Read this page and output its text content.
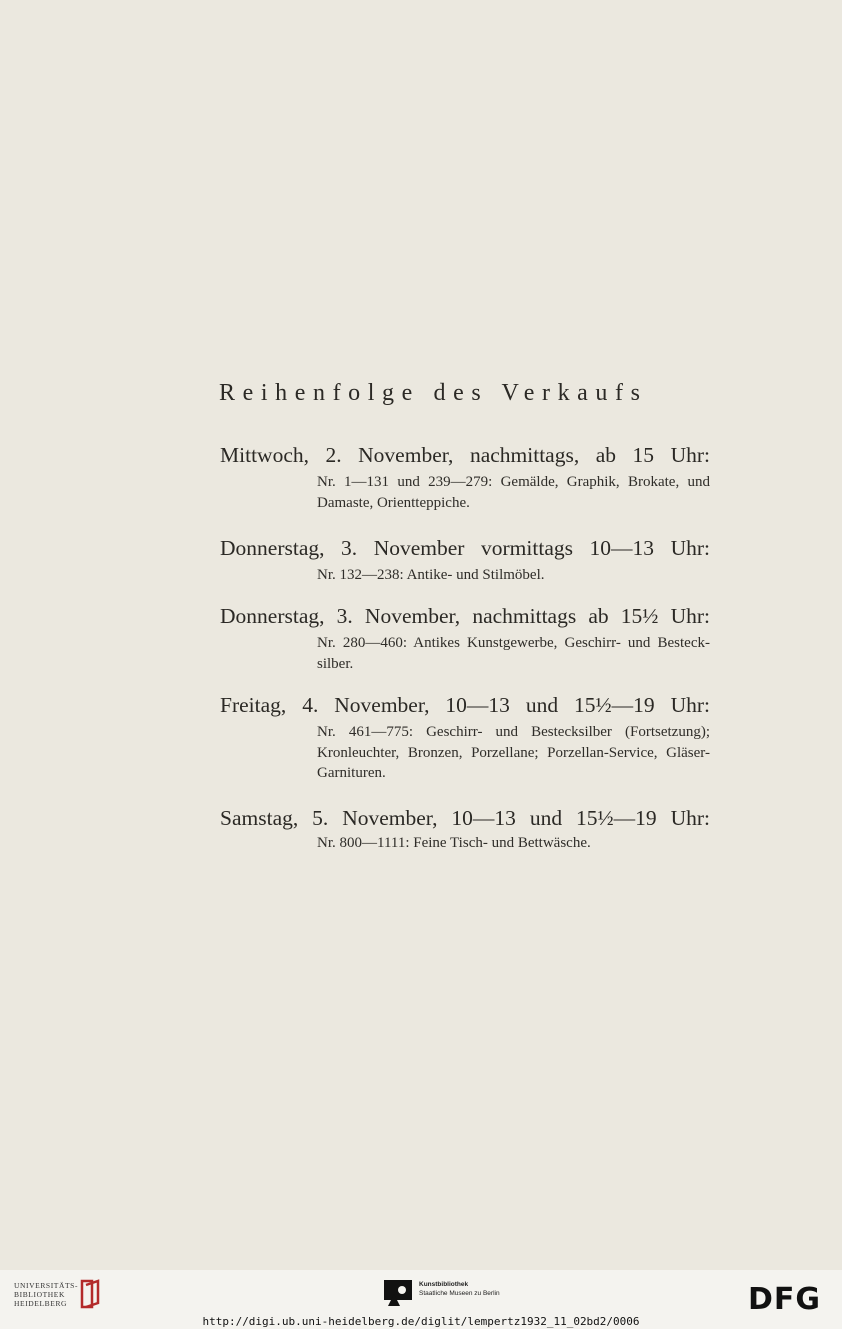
Reihenfolge des Verkaufs
Mittwoch, 2. November, nachmittags, ab 15 Uhr:
Nr. 1—131 und 239—279: Gemälde, Graphik, Brokate, und Damaste, Orientteppiche.
Donnerstag, 3. November vormittags 10—13 Uhr:
Nr. 132—238: Antike- und Stilmöbel.
Donnerstag, 3. November, nachmittags ab 15½ Uhr:
Nr. 280—460: Antikes Kunstgewerbe, Geschirr- und Bestecksilber.
Freitag, 4. November, 10—13 und 15½—19 Uhr:
Nr. 461—775: Geschirr- und Bestecksilber (Fortsetzung); Kronleuchter, Bronzen, Porzellane; Porzellan-Service, Gläser-Garnituren.
Samstag, 5. November, 10—13 und 15½—19 Uhr:
Nr. 800—1111: Feine Tisch- und Bettwäsche.
UNIVERSITÄTS-
BIBLIOTHEK
HEIDELBERG
Kunstbibliothek
Staatliche Museen zu Berlin	DFG
http://digi.ub.uni-heidelberg.de/diglit/lempertz1932_11_02bd2/0006
